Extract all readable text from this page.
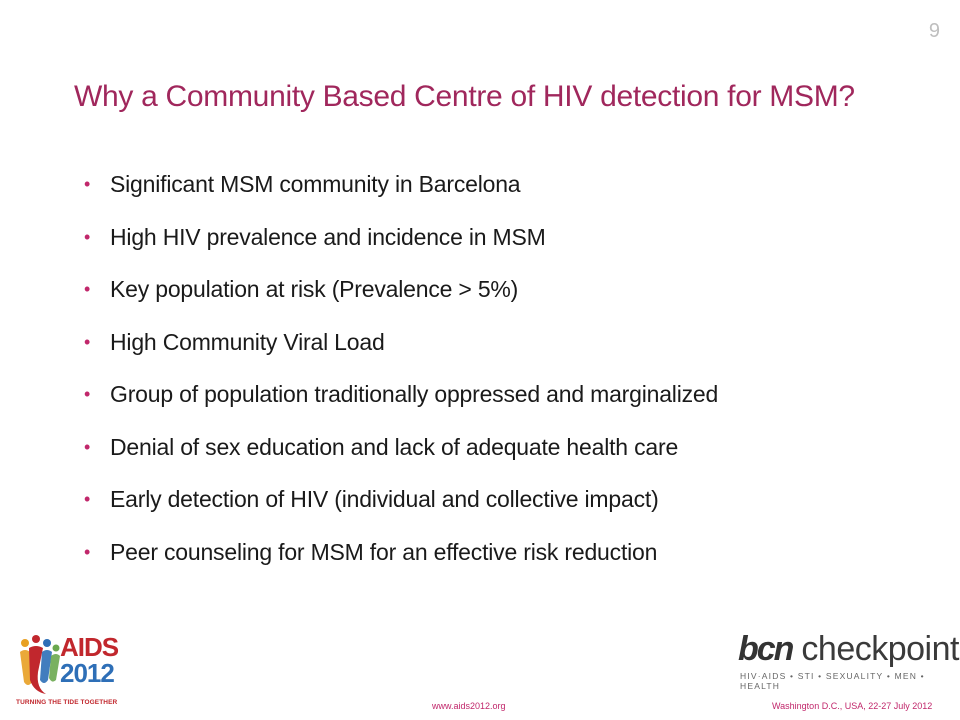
9
Why a Community Based Centre of HIV detection for MSM?
• Significant MSM community in Barcelona
• High HIV prevalence and incidence in MSM
• Key population at risk (Prevalence > 5%)
• High Community Viral Load
• Group of population traditionally oppressed and marginalized
• Denial of sex education and lack of adequate health care
• Early detection of HIV (individual and collective impact)
• Peer counseling for MSM for an effective risk reduction
AIDS
2012
TURNING THE TIDE TOGETHER	www.aids2012.org	Washington D.C., USA, 22-27 July 2012
bcn checkpoint
HIV·AIDS • STI • SEXUALITY • MEN • HEALTH
